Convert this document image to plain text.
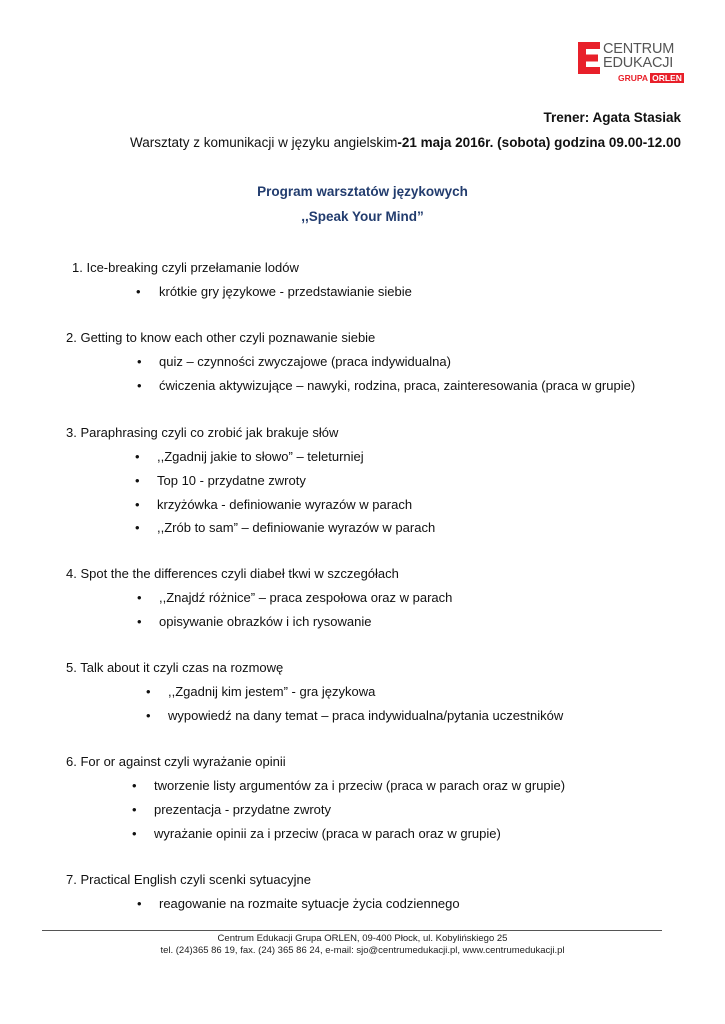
CENTRUM
EDUKACJI
GRUPA ORLEN
Trener: Agata Stasiak
Warsztaty z komunikacji w języku angielskim-21 maja 2016r. (sobota) godzina 09.00-12.00
Program warsztatów językowych
,,Speak Your Mind”
1. Ice-breaking czyli przełamanie lodów
• krótkie gry językowe - przedstawianie siebie
2. Getting to know each other czyli poznawanie siebie
• quiz – czynności zwyczajowe (praca indywidualna)
• ćwiczenia aktywizujące – nawyki, rodzina, praca, zainteresowania (praca w grupie)
3. Paraphrasing czyli co zrobić jak brakuje słów
• ,,Zgadnij jakie to słowo” – teleturniej
• Top 10 - przydatne zwroty
• krzyżówka - definiowanie wyrazów w parach
• ,,Zrób to sam” – definiowanie wyrazów w parach
4. Spot the the differences czyli diabeł tkwi w szczegółach
• ,,Znajdź różnice” – praca zespołowa oraz w parach
• opisywanie obrazków i ich rysowanie
5. Talk about it czyli czas na rozmowę
• ,,Zgadnij kim jestem” - gra językowa
• wypowiedź na dany temat – praca indywidualna/pytania uczestników
6. For or against czyli wyrażanie opinii
• tworzenie listy argumentów za i przeciw (praca w parach oraz w grupie)
• prezentacja - przydatne zwroty
• wyrażanie opinii za i przeciw (praca w parach oraz w grupie)
7. Practical English czyli scenki sytuacyjne
• reagowanie na rozmaite sytuacje życia codziennego
Centrum Edukacji Grupa ORLEN, 09-400 Płock, ul. Kobylińskiego 25
tel. (24)365 86 19, fax. (24) 365 86 24, e-mail: sjo@centrumedukacji.pl, www.centrumedukacji.pl
